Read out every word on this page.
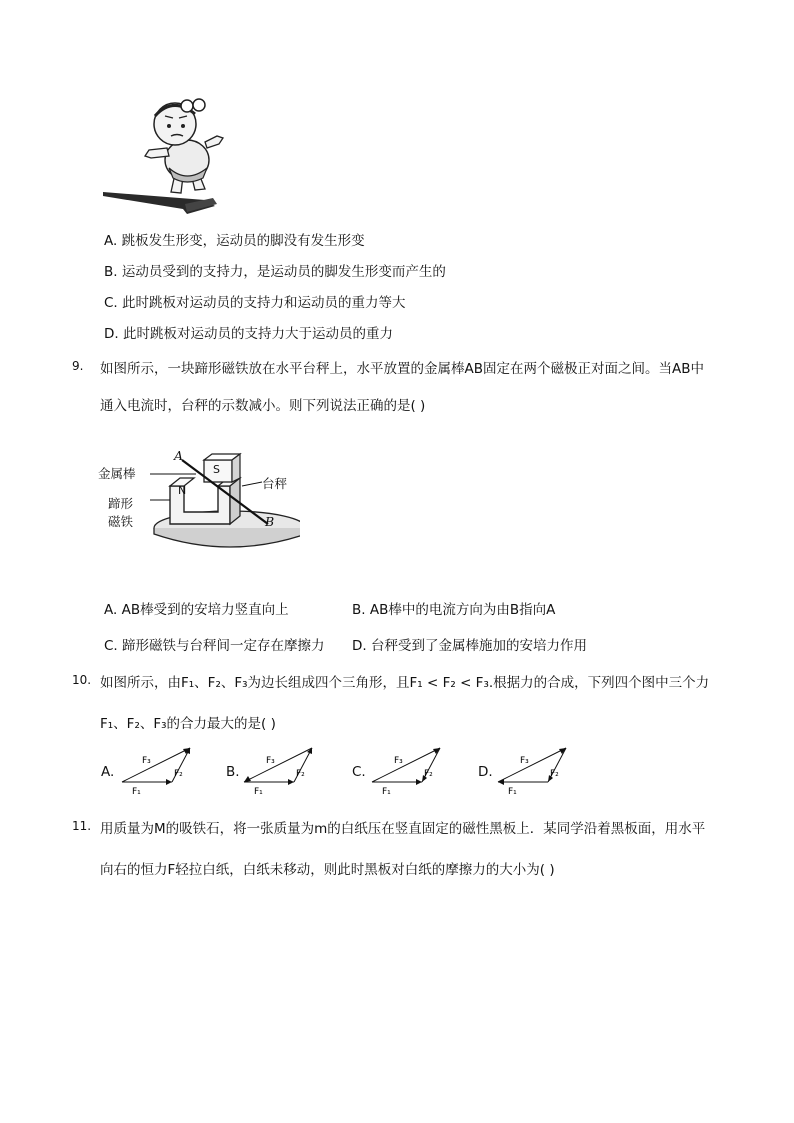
A. 跳板发生形变，运动员的脚没有发生形变
B. 运动员受到的支持力，是运动员的脚发生形变而产生的
C. 此时跳板对运动员的支持力和运动员的重力等大
D. 此时跳板对运动员的支持力大于运动员的重力
9. 如图所示，一块蹄形磁铁放在水平台秤上，水平放置的金属棒AB固定在两个磁极正对面之间。当AB中
通入电流时，台秤的示数减小。则下列说法正确的是( )
金属棒
蹄形
磁铁
台秤
A
B
N
S
A. AB棒受到的安培力竖直向上	B. AB棒中的电流方向为由B指向A
C. 蹄形磁铁与台秤间一定存在摩擦力 D. 台秤受到了金属棒施加的安培力作用
10. 如图所示，由F₁、F₂、F₃为边长组成四个三角形，且F₁ < F₂ < F₃.根据力的合成，下列四个图中三个力
F₁、F₂、F₃的合力最大的是( )
A.	B.	C.	D.
F₃
F₂
F₁
F₃
F₂
F₁
F₃
F₂
F₁
F₃
F₂
F₁
11. 用质量为M的吸铁石，将一张质量为m的白纸压在竖直固定的磁性黑板上．某同学沿着黑板面，用水平
向右的恒力F轻拉白纸，白纸未移动，则此时黑板对白纸的摩擦力的大小为( )
